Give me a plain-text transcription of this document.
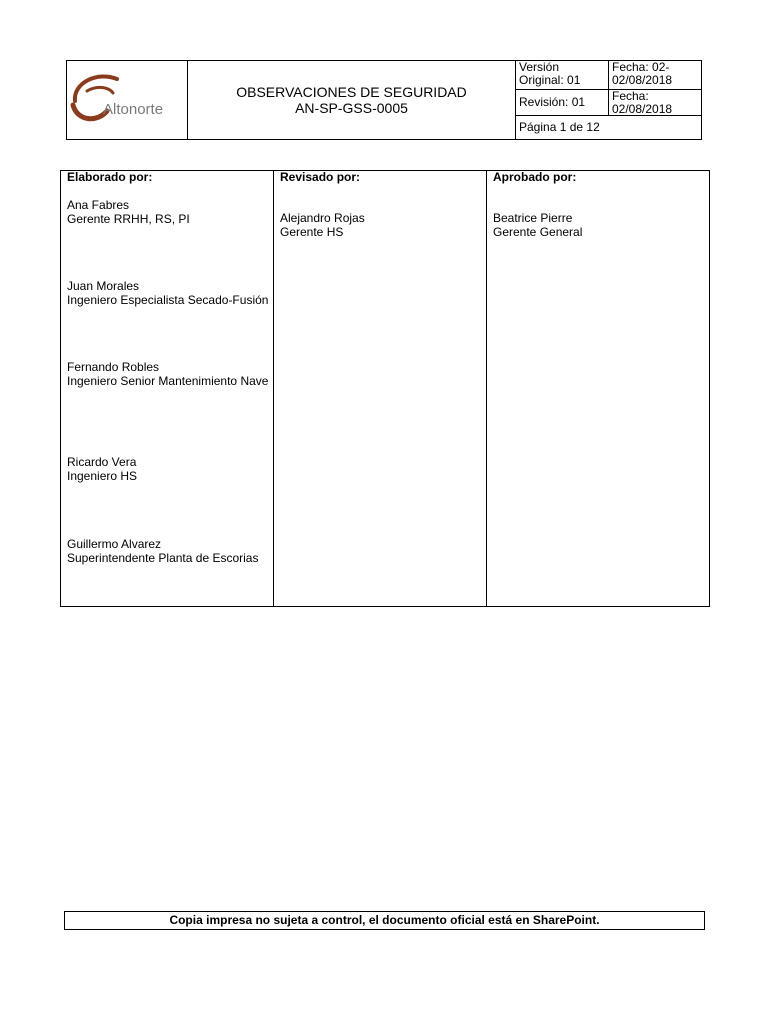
Altonorte
OBSERVACIONES DE SEGURIDAD
AN-SP-GSS-0005
Versión
Original: 01
Fecha: 02-
02/08/2018
Revisión: 01 Fecha:
02/08/2018
Página 1 de 12
Elaborado por:
Ana Fabres
Gerente RRHH, RS, PI
Juan Morales
Ingeniero Especialista Secado-Fusión
Fernando Robles
Ingeniero Senior Mantenimiento Nave
Ricardo Vera
Ingeniero HS
Guillermo Alvarez
Superintendente Planta de Escorias
Revisado por:
Alejandro Rojas
Gerente HS
Aprobado por:
Beatrice Pierre
Gerente General
Copia impresa no sujeta a control, el documento oficial está en SharePoint.
